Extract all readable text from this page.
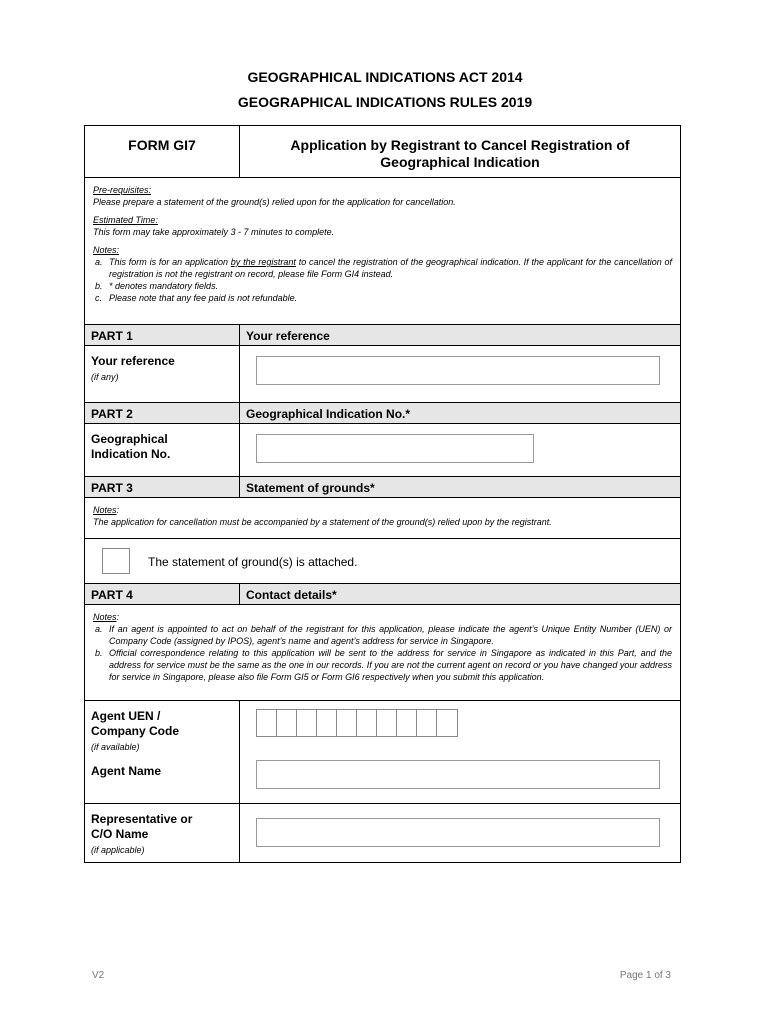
GEOGRAPHICAL INDICATIONS ACT 2014
GEOGRAPHICAL INDICATIONS RULES 2019
FORM GI7	Application by Registrant to Cancel Registration of
Geographical Indication

Pre-requisites:

Please prepare a statement of the ground(s) relied upon for the application for cancellation.

Estimated Time:

This form may take approximately 3 - 7 minutes to complete.

Notes:

a. This form is for an application by the registrant to cancel the registration of the geographical indication. If the applicant for the cancellation of registration is not the registrant on record, please file Form GI4 instead.
b. * denotes mandatory fields.
c. Please note that any fee paid is not refundable.
PART 1	Your reference
Your reference
(if any)
PART 2	Geographical Indication No.*
Geographical
Indication No.
PART 3	Statement of grounds*

Notes:

The application for cancellation must be accompanied by a statement of the ground(s) relied upon by the registrant.

The statement of ground(s) is attached.
PART 4	Contact details*

Notes:

a. If an agent is appointed to act on behalf of the registrant for this application, please indicate the agent’s Unique Entity Number (UEN) or Company Code (assigned by IPOS), agent’s name and agent’s address for service in Singapore.
b. Official correspondence relating to this application will be sent to the address for service in Singapore as indicated in this Part, and the address for service must be the same as the one in our records. If you are not the current agent on record or you have changed your address for service in Singapore, please also file Form GI5 or Form GI6 respectively when you submit this application.
Agent UEN /
Company Code
(if available)
Agent Name
Representative or
C/O Name
(if applicable)
V2	Page 1 of 3
